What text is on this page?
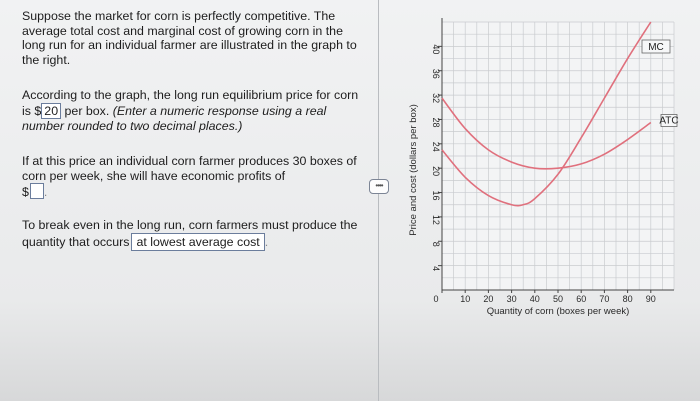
Suppose the market for corn is perfectly competitive. The average total cost and marginal cost of growing corn in the long run for an individual farmer are illustrated in the graph to the right.
According to the graph, the long run equilibrium price for corn is $ 20 per box. (Enter a numeric response using a real number rounded to two decimal places.)
If at this price an individual corn farmer produces 30 boxes of corn per week, she will have economic profits of
$ .
To break even in the long run, corn farmers must produce the quantity that occurs at lowest average cost .
••••
4
8
12
16
20
24
28
32
36
40
0 10 20 30 40 50 60 70 80 90
Quantity of corn (boxes per week)
Price and cost (dollars per box)
MC
ATC
